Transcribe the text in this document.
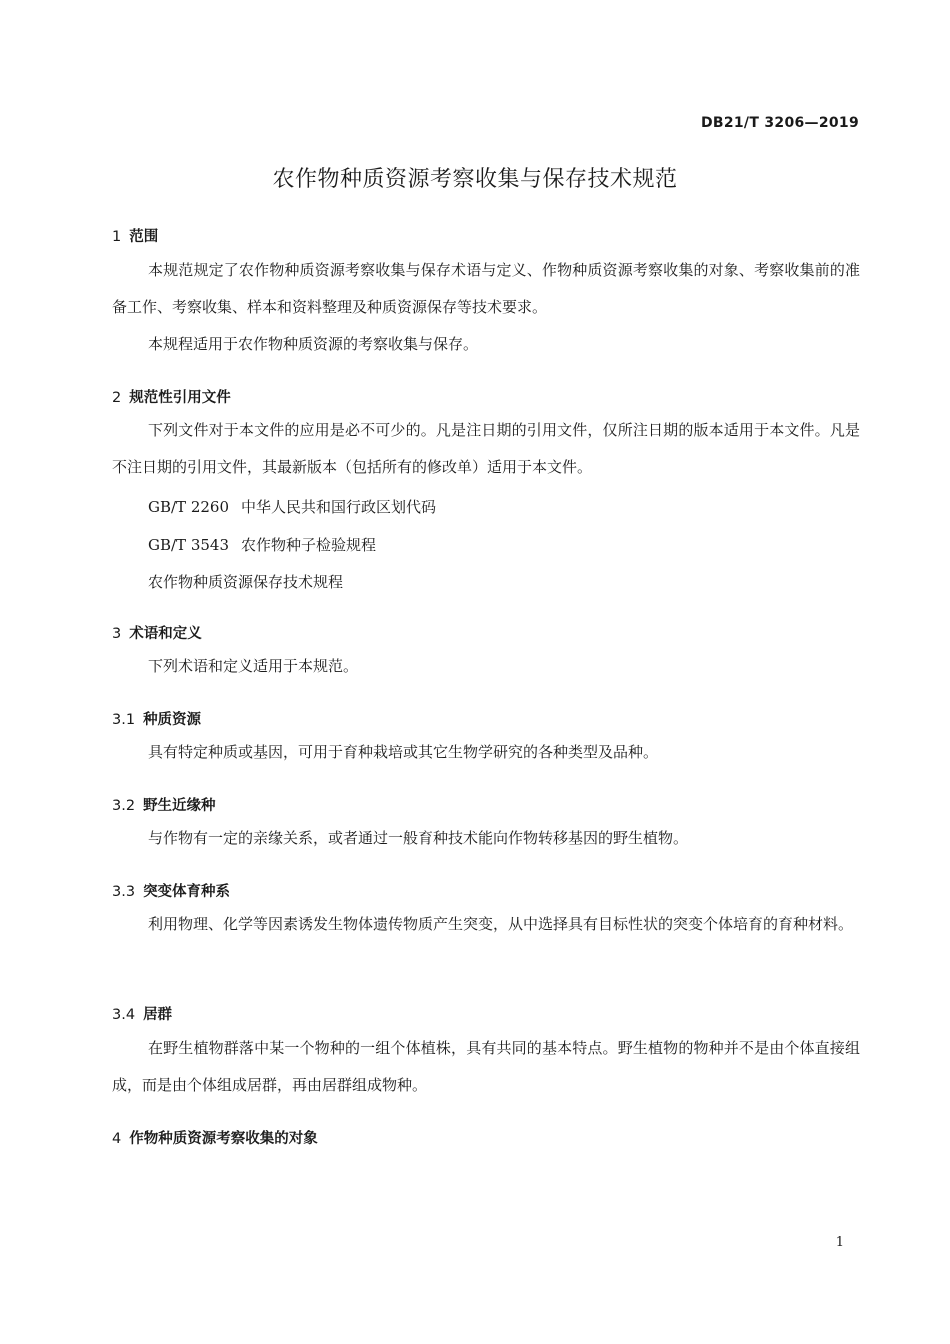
DB21/T 3206—2019
农作物种质资源考察收集与保存技术规范
1 范围

本规范规定了农作物种质资源考察收集与保存术语与定义、作物种质资源考察收集的对象、考察收集前的准备工作、考察收集、样本和资料整理及种质资源保存等技术要求。

本规程适用于农作物种质资源的考察收集与保存。

2 规范性引用文件

下列文件对于本文件的应用是必不可少的。凡是注日期的引用文件，仅所注日期的版本适用于本文件。凡是不注日期的引用文件，其最新版本（包括所有的修改单）适用于本文件。

GB/T 2260 中华人民共和国行政区划代码
GB/T 3543 农作物种子检验规程
农作物种质资源保存技术规程
3 术语和定义

下列术语和定义适用于本规范。

3.1 种质资源

具有特定种质或基因，可用于育种栽培或其它生物学研究的各种类型及品种。

3.2 野生近缘种

与作物有一定的亲缘关系，或者通过一般育种技术能向作物转移基因的野生植物。

3.3 突变体育种系

利用物理、化学等因素诱发生物体遗传物质产生突变，从中选择具有目标性状的突变个体培育的育种材料。

3.4 居群

在野生植物群落中某一个物种的一组个体植株，具有共同的基本特点。野生植物的物种并不是由个体直接组成，而是由个体组成居群，再由居群组成物种。

4 作物种质资源考察收集的对象
1
